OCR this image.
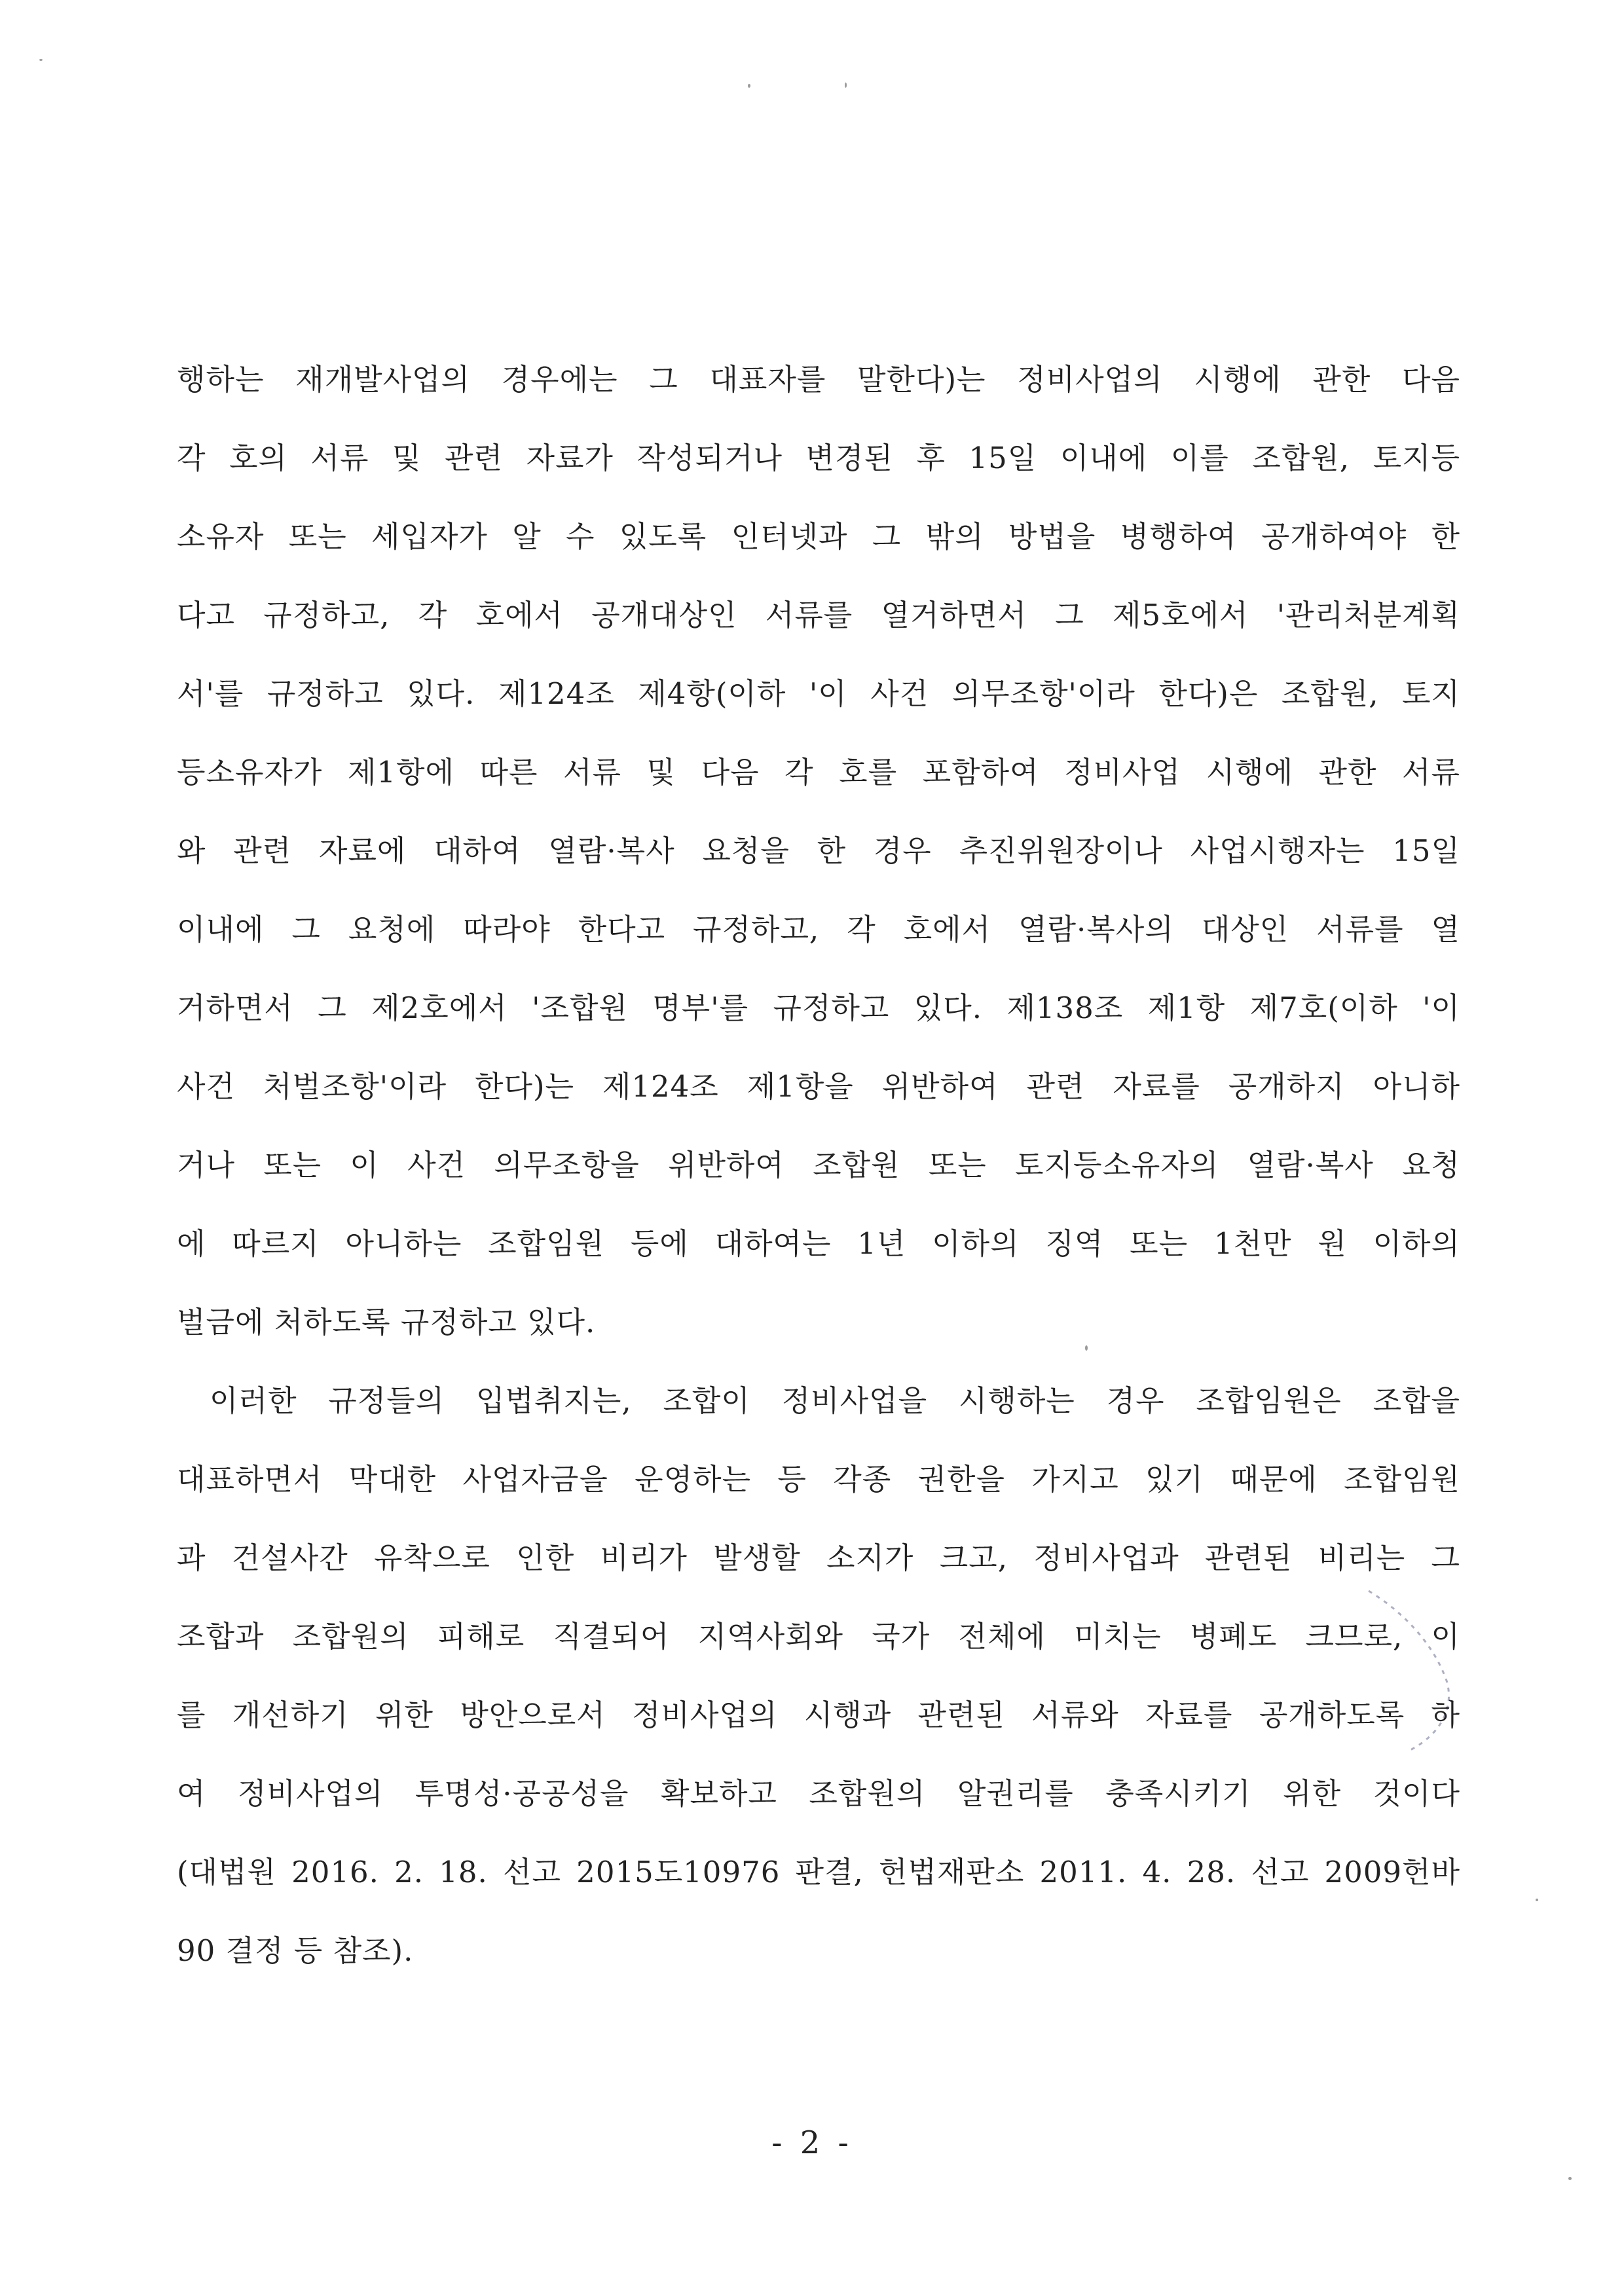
행하는 재개발사업의 경우에는 그 대표자를 말한다)는 정비사업의 시행에 관한 다음
각 호의 서류 및 관련 자료가 작성되거나 변경된 후 15일 이내에 이를 조합원, 토지등
소유자 또는 세입자가 알 수 있도록 인터넷과 그 밖의 방법을 병행하여 공개하여야 한
다고 규정하고, 각 호에서 공개대상인 서류를 열거하면서 그 제5호에서 '관리처분계획
서'를 규정하고 있다. 제124조 제4항(이하 '이 사건 의무조항'이라 한다)은 조합원, 토지
등소유자가 제1항에 따른 서류 및 다음 각 호를 포함하여 정비사업 시행에 관한 서류
와 관련 자료에 대하여 열람·복사 요청을 한 경우 추진위원장이나 사업시행자는 15일
이내에 그 요청에 따라야 한다고 규정하고, 각 호에서 열람·복사의 대상인 서류를 열
거하면서 그 제2호에서 '조합원 명부'를 규정하고 있다. 제138조 제1항 제7호(이하 '이
사건 처벌조항'이라 한다)는 제124조 제1항을 위반하여 관련 자료를 공개하지 아니하
거나 또는 이 사건 의무조항을 위반하여 조합원 또는 토지등소유자의 열람·복사 요청
에 따르지 아니하는 조합임원 등에 대하여는 1년 이하의 징역 또는 1천만 원 이하의
벌금에 처하도록 규정하고 있다.
이러한 규정들의 입법취지는, 조합이 정비사업을 시행하는 경우 조합임원은 조합을
대표하면서 막대한 사업자금을 운영하는 등 각종 권한을 가지고 있기 때문에 조합임원
과 건설사간 유착으로 인한 비리가 발생할 소지가 크고, 정비사업과 관련된 비리는 그
조합과 조합원의 피해로 직결되어 지역사회와 국가 전체에 미치는 병폐도 크므로, 이
를 개선하기 위한 방안으로서 정비사업의 시행과 관련된 서류와 자료를 공개하도록 하
여 정비사업의 투명성·공공성을 확보하고 조합원의 알권리를 충족시키기 위한 것이다
(대법원 2016. 2. 18. 선고 2015도10976 판결, 헌법재판소 2011. 4. 28. 선고 2009헌바
90 결정 등 참조).
- 2 -
